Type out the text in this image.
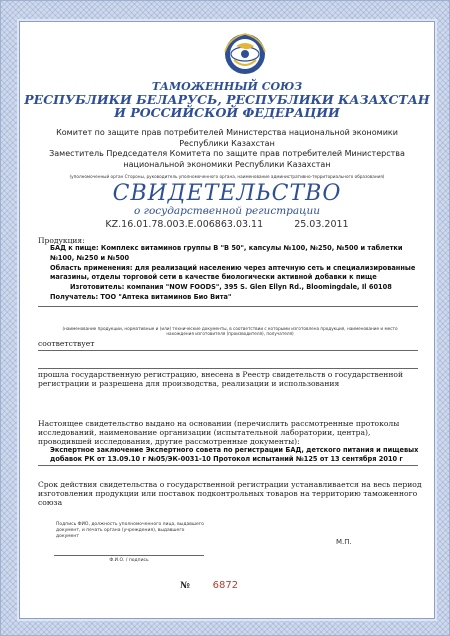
ТАМОЖЕННЫЙ СОЮЗ
РЕСПУБЛИКИ БЕЛАРУСЬ, РЕСПУБЛИКИ КАЗАХСТАН
И РОССИЙСКОЙ ФЕДЕРАЦИИ
Комитет по защите прав потребителей Министерства национальной экономики Республики Казахстан
Заместитель Председателя Комитета по защите прав потребителей Министерства национальной экономики Республики Казахстан
(уполномоченный орган Стороны, руководитель уполномоченного органа, наименование административно-территориального образования)
СВИДЕТЕЛЬСТВО
о государственной регистрации
KZ.16.01.78.003.E.006863.03.11	25.03.2011
Продукция:
БАД к пище: Комплекс витаминов группы В "В 50", капсулы №100, №250, №500 и таблетки №100, №250 и №500
Область применения: для реализаций населению через аптечную сеть и специализированные магазины, отделы торговой сети в качестве биологически активной добавки к пище
Изготовитель: компания "NOW FOODS", 395 S. Glen Ellyn Rd., Bloomingdale, Il 60108
Получатель: ТОО "Аптека витаминов Био Вита"
(наименование продукции, нормативные и (или) технические документы, в соответствии с которыми изготовлена продукция, наименование и место нахождения изготовителя (производителя), получателя)
соответствует
прошла государственную регистрацию, внесена в Реестр свидетельств о государственной регистрации и разрешена для производства, реализации и использования
Настоящее свидетельство выдано на основании (перечислить рассмотренные протоколы исследований, наименование организации (испытательной лаборатории, центра), проводившей исследования, другие рассмотренные документы):
Экспертное заключение Экспертного совета по регистрации БАД, детского питания и пищевых добавок РК от 13.09.10 г №05/ЭК-0031-10 Протокол испытаний №125 от 13 сентября 2010 г
Срок действия свидетельства о государственной регистрации устанавливается на весь период изготовления продукции или поставок подконтрольных товаров на территорию таможенного союза
Подпись ФИО, должность уполномоченного лица, выдавшего документ, и печать органа (учреждения), выдавшего документ
М.П.
Ф.И.О. / подпись
№ 6872
